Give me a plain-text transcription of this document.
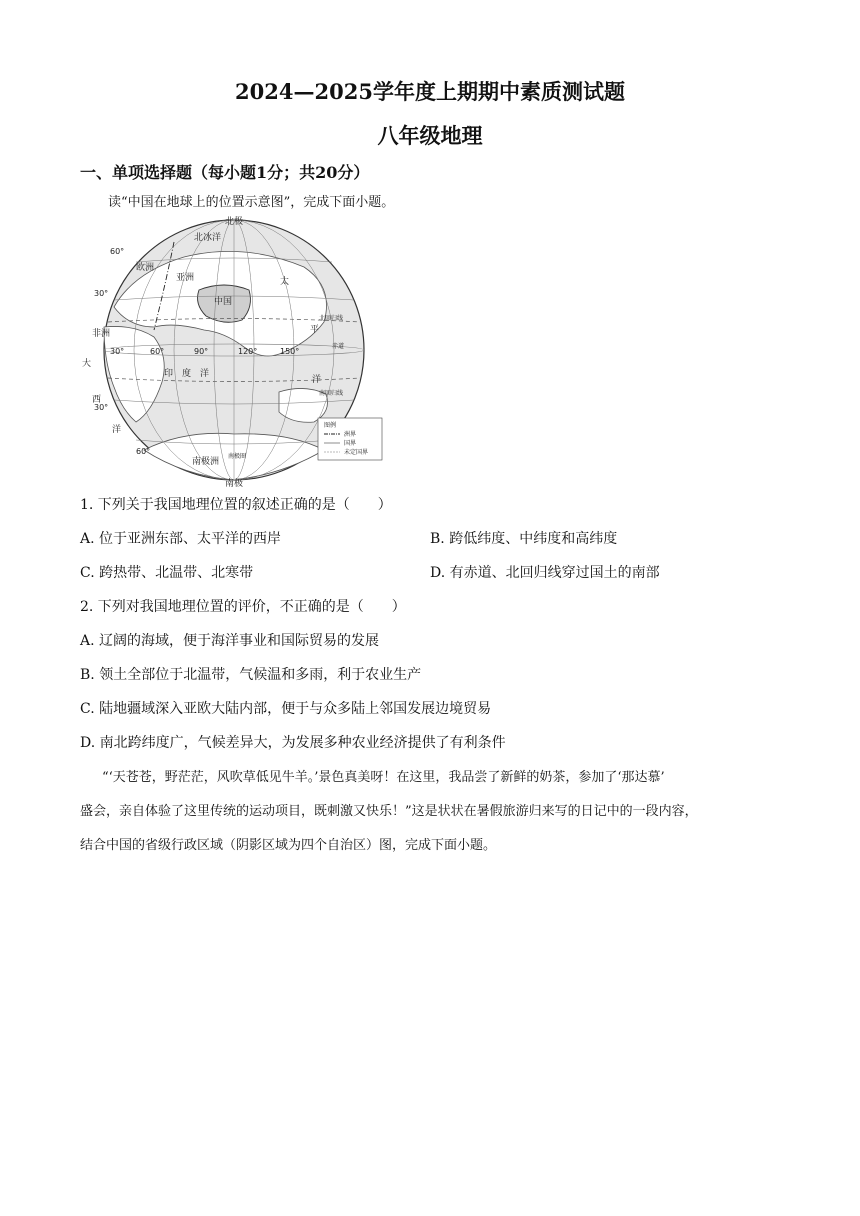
2024—2025学年度上期期中素质测试题
八年级地理
一、单项选择题（每小题1分；共20分）
读“中国在地球上的位置示意图”，完成下面小题。
北极
南极
北冰洋
欧洲
亚洲
中国
非洲
太
平
洋
北回归线
赤道
南回归线
印　度　洋
大
西
洋
南极洲
南极圈
60°
30°
30°
60°
30°	60°	90°	120°	150°
图例
洲界
国界
未定国界
1. 下列关于我国地理位置的叙述正确的是（　　）
A. 位于亚洲东部、太平洋的西岸	B. 跨低纬度、中纬度和高纬度
C. 跨热带、北温带、北寒带	D. 有赤道、北回归线穿过国土的南部
2. 下列对我国地理位置的评价，不正确的是（　　）
A. 辽阔的海域，便于海洋事业和国际贸易的发展
B. 领土全部位于北温带，气候温和多雨，利于农业生产
C. 陆地疆域深入亚欧大陆内部，便于与众多陆上邻国发展边境贸易
D. 南北跨纬度广，气候差异大，为发展多种农业经济提供了有利条件
“‘天苍苍，野茫茫，风吹草低见牛羊。’景色真美呀！在这里，我品尝了新鲜的奶茶，参加了‘那达慕’
盛会，亲自体验了这里传统的运动项目，既刺激又快乐！”这是状状在暑假旅游归来写的日记中的一段内容，
结合中国的省级行政区域（阴影区域为四个自治区）图，完成下面小题。
